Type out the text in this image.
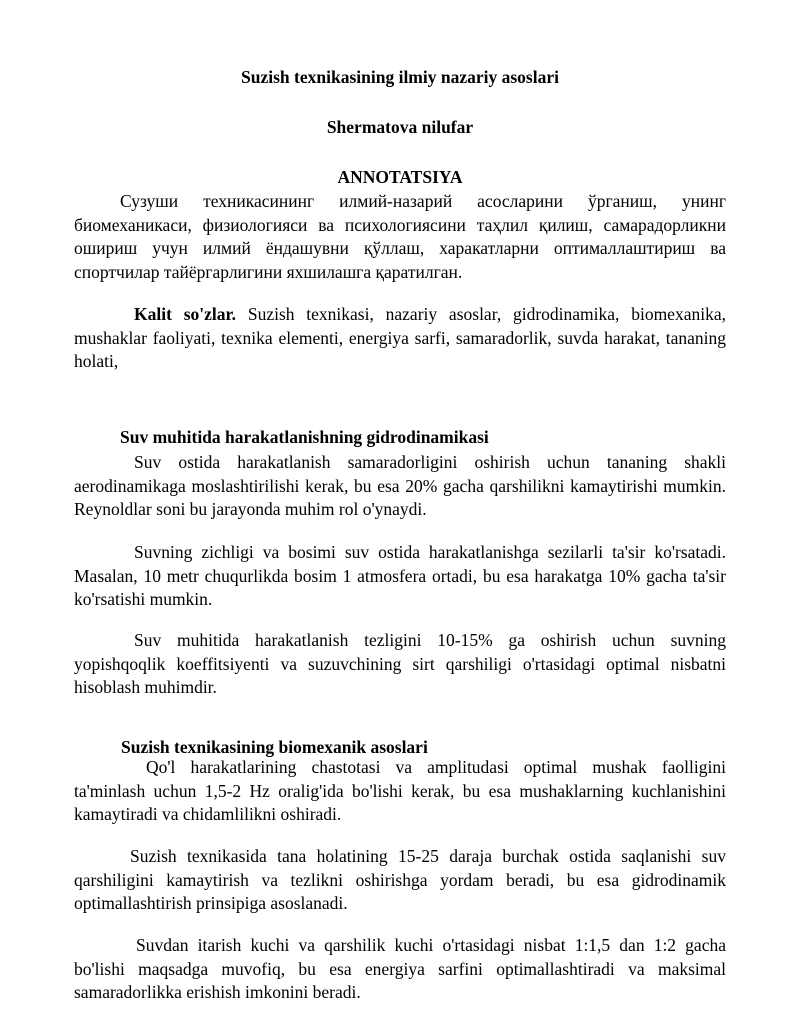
Suzish texnikasining ilmiy nazariy asoslari
Shermatova nilufar
ANNOTATSIYA
Сузуши техникасининг илмий-назарий асосларини ўрганиш, унинг биомеханикаси, физиологияси ва психологиясини таҳлил қилиш, самарадорликни ошириш учун илмий ёндашувни қўллаш, харакатларни оптималлаштириш ва спортчилар тайёргарлигини яхшилашга қаратилган.
Kalit so'zlar. Suzish texnikasi, nazariy asoslar, gidrodinamika, biomexanika, mushaklar faoliyati, texnika elementi, energiya sarfi, samaradorlik, suvda harakat, tananing holati,
Suv muhitida harakatlanishning gidrodinamikasi
Suv ostida harakatlanish samaradorligini oshirish uchun tananing shakli aerodinamikaga moslashtirilishi kerak, bu esa 20% gacha qarshilikni kamaytirishi mumkin. Reynoldlar soni bu jarayonda muhim rol o'ynaydi.
Suvning zichligi va bosimi suv ostida harakatlanishga sezilarli ta'sir ko'rsatadi. Masalan, 10 metr chuqurlikda bosim 1 atmosfera ortadi, bu esa harakatga 10% gacha ta'sir ko'rsatishi mumkin.
Suv muhitida harakatlanish tezligini 10-15% ga oshirish uchun suvning yopishqoqlik koeffitsiyenti va suzuvchining sirt qarshiligi o'rtasidagi optimal nisbatni hisoblash muhimdir.
Suzish texnikasining biomexanik asoslari
Qo'l harakatlarining chastotasi va amplitudasi optimal mushak faolligini ta'minlash uchun 1,5-2 Hz oralig'ida bo'lishi kerak, bu esa mushaklarning kuchlanishini kamaytiradi va chidamlilikni oshiradi.
Suzish texnikasida tana holatining 15-25 daraja burchak ostida saqlanishi suv qarshiligini kamaytirish va tezlikni oshirishga yordam beradi, bu esa gidrodinamik optimallashtirish prinsipiga asoslanadi.
Suvdan itarish kuchi va qarshilik kuchi o'rtasidagi nisbat 1:1,5 dan 1:2 gacha bo'lishi maqsadga muvofiq, bu esa energiya sarfini optimallashtiradi va maksimal samaradorlikka erishish imkonini beradi.
